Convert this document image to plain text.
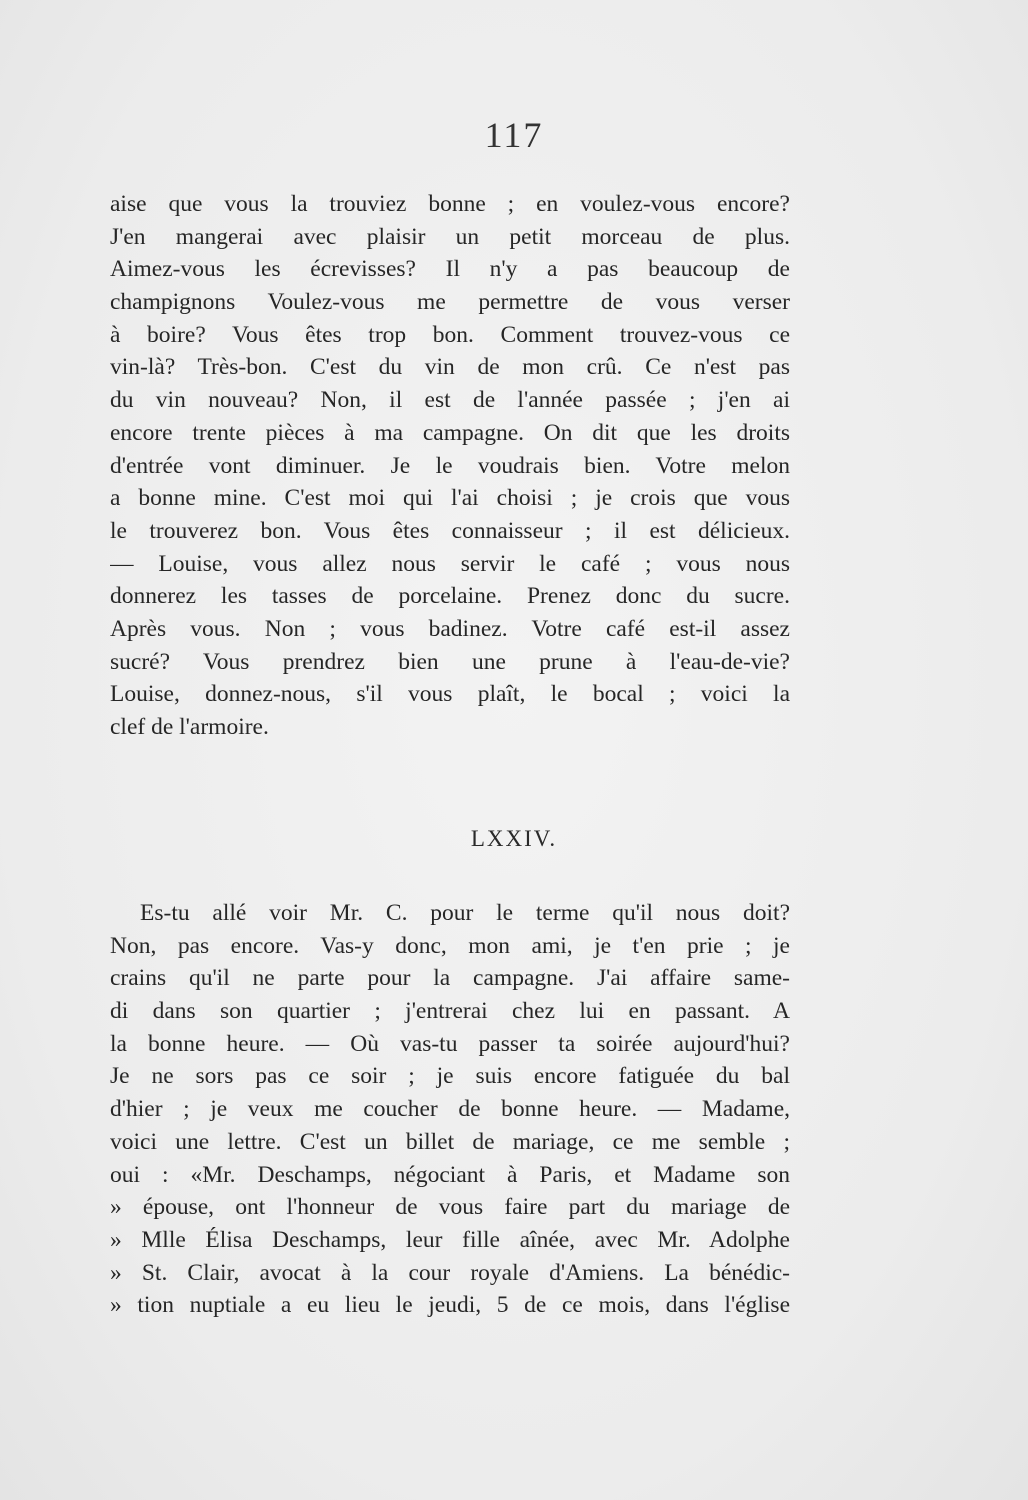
117
aise que vous la trouviez bonne ; en voulez-vous encore?
J'en mangerai avec plaisir un petit morceau de plus.
Aimez-vous les écrevisses? Il n'y a pas beaucoup de
champignons Voulez-vous me permettre de vous verser
à boire? Vous êtes trop bon. Comment trouvez-vous ce
vin-là? Très-bon. C'est du vin de mon crû. Ce n'est pas
du vin nouveau? Non, il est de l'année passée ; j'en ai
encore trente pièces à ma campagne. On dit que les droits
d'entrée vont diminuer. Je le voudrais bien. Votre melon
a bonne mine. C'est moi qui l'ai choisi ; je crois que vous
le trouverez bon. Vous êtes connaisseur ; il est délicieux.
— Louise, vous allez nous servir le café ; vous nous
donnerez les tasses de porcelaine. Prenez donc du sucre.
Après vous. Non ; vous badinez. Votre café est-il assez
sucré? Vous prendrez bien une prune à l'eau-de-vie?
Louise, donnez-nous, s'il vous plaît, le bocal ; voici la
clef de l'armoire.
LXXIV.
Es-tu allé voir Mr. C. pour le terme qu'il nous doit?
Non, pas encore. Vas-y donc, mon ami, je t'en prie ; je
crains qu'il ne parte pour la campagne. J'ai affaire same-
di dans son quartier ; j'entrerai chez lui en passant. A
la bonne heure. — Où vas-tu passer ta soirée aujourd'hui?
Je ne sors pas ce soir ; je suis encore fatiguée du bal
d'hier ; je veux me coucher de bonne heure. — Madame,
voici une lettre. C'est un billet de mariage, ce me semble ;
oui : «Mr. Deschamps, négociant à Paris, et Madame son
» épouse, ont l'honneur de vous faire part du mariage de
» Mlle Élisa Deschamps, leur fille aînée, avec Mr. Adolphe
» St. Clair, avocat à la cour royale d'Amiens. La bénédic-
» tion nuptiale a eu lieu le jeudi, 5 de ce mois, dans l'église
